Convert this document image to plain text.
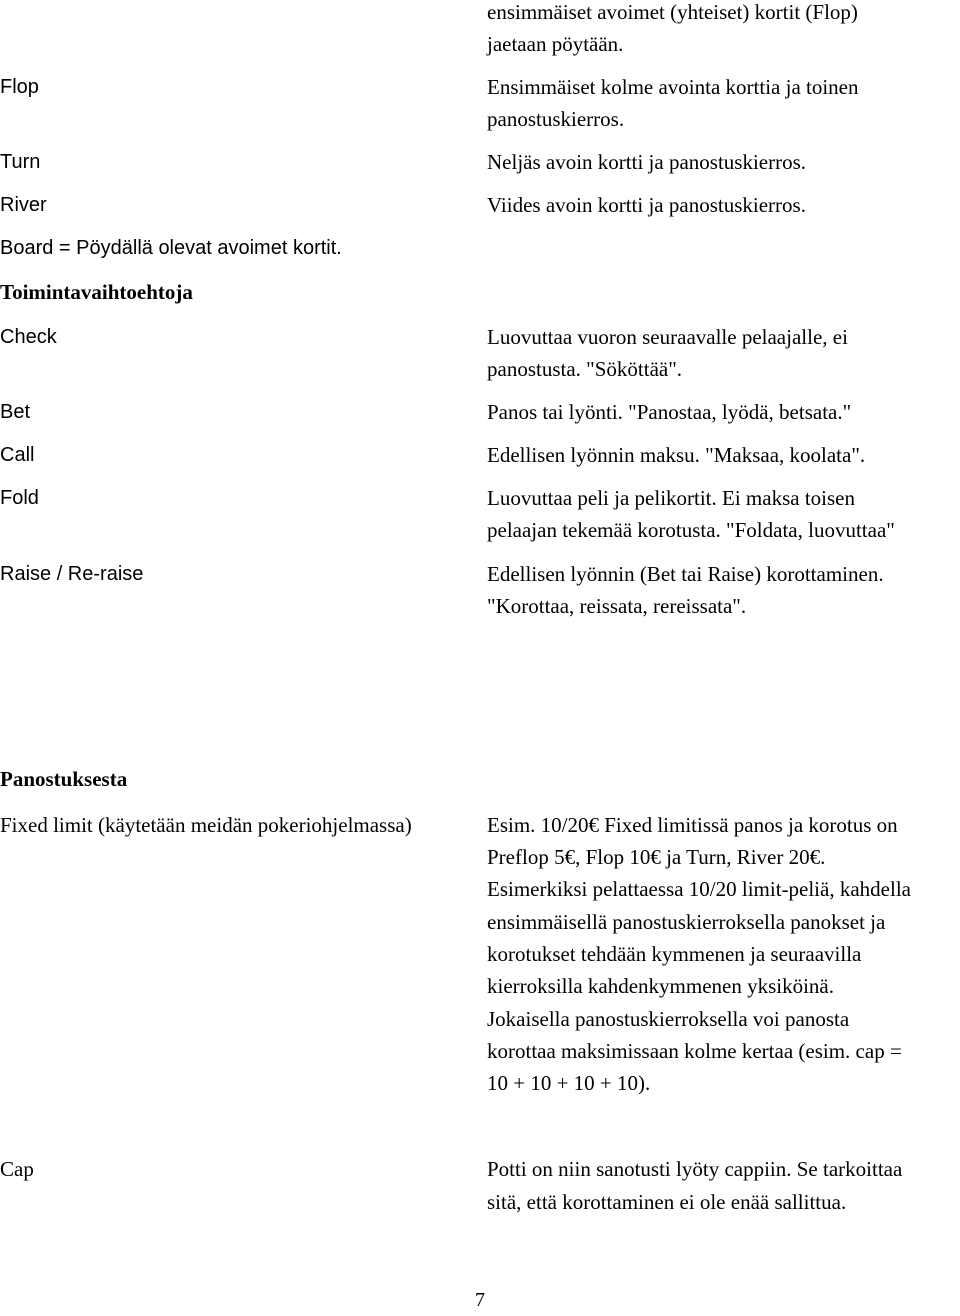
ensimmäiset avoimet (yhteiset) kortit (Flop)

jaetaan pöytään.

Flop	Ensimmäiset kolme avointa korttia ja toinen

panostuskierros.

Turn	Neljäs avoin kortti ja panostuskierros.

River	Viides avoin kortti ja panostuskierros.

Board = Pöydällä olevat avoimet kortit.

Toimintavaihtoehtoja

Check	Luovuttaa vuoron seuraavalle pelaajalle, ei

panostusta. "Sököttää".

Bet	Panos tai lyönti. "Panostaa, lyödä, betsata."

Call	Edellisen lyönnin maksu. "Maksaa, koolata".

Fold	Luovuttaa peli ja pelikortit. Ei maksa toisen

pelaajan tekemää korotusta. "Foldata, luovuttaa"

Raise / Re-raise	Edellisen lyönnin (Bet tai Raise) korottaminen.

"Korottaa, reissata, rereissata".

Panostuksesta

Fixed limit (käytetään meidän pokeriohjelmassa)	Esim. 10/20€ Fixed limitissä panos ja korotus on

Preflop 5€, Flop 10€ ja Turn, River 20€.

Esimerkiksi pelattaessa 10/20 limit-peliä, kahdella

ensimmäisellä panostuskierroksella panokset ja

korotukset tehdään kymmenen ja seuraavilla

kierroksilla kahdenkymmenen yksiköinä.

Jokaisella panostuskierroksella voi panosta

korottaa maksimissaan kolme kertaa (esim. cap =

10 + 10 + 10 + 10).

Cap	Potti on niin sanotusti lyöty cappiin. Se tarkoittaa

sitä, että korottaminen ei ole enää sallittua.

7
